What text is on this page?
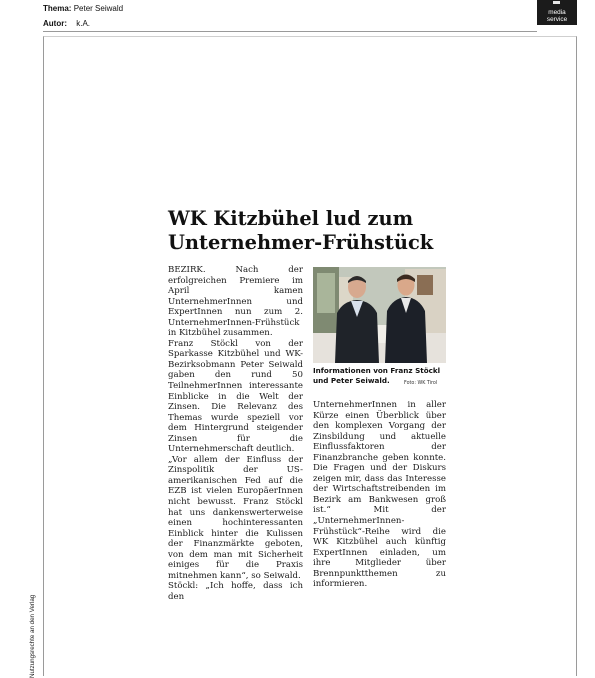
Thema: Peter Seiwald
Autor: k.A.
media
service
Nutzungsrechte an den Verlag
WK Kitzbühel lud zum
Unternehmer-Frühstück

BEZIRK. Nach der erfolgreichen Premiere im April kamen UnternehmerInnen und ExpertInnen nun zum 2. UnternehmerInnen-Frühstück in Kitzbühel zusammen.

Franz Stöckl von der Sparkasse Kitzbühel und WK-Bezirksobmann Peter Seiwald gaben den rund 50 TeilnehmerInnen interessante Einblicke in die Welt der Zinsen. Die Relevanz des Themas wurde speziell vor dem Hintergrund steigender Zinsen für die Unternehmerschaft deutlich.

„Vor allem der Einfluss der Zinspolitik der US-amerikanischen Fed auf die EZB ist vielen EuropäerInnen nicht bewusst. Franz Stöckl hat uns dankenswerterweise einen hochinteressanten Einblick hinter die Kulissen der Finanzmärkte geboten, von dem man mit Sicherheit einiges für die Praxis mitnehmen kann“, so Seiwald.

Stöckl: „Ich hoffe, dass ich den

Informationen von Franz Stöckl und Peter Seiwald.	Foto: WK Tirol

UnternehmerInnen in aller Kürze einen Überblick über den komplexen Vorgang der Zinsbildung und aktuelle Einflussfaktoren der Finanzbranche geben konnte. Die Fragen und der Diskurs zeigen mir, dass das Interesse der Wirtschaftstreibenden im Bezirk am Bankwesen groß ist.“ Mit der „UnternehmerInnen-Frühstück“-Reihe wird die WK Kitzbühel auch künftig ExpertInnen einladen, um ihre Mitglieder über Brennpunktthemen zu informieren.
